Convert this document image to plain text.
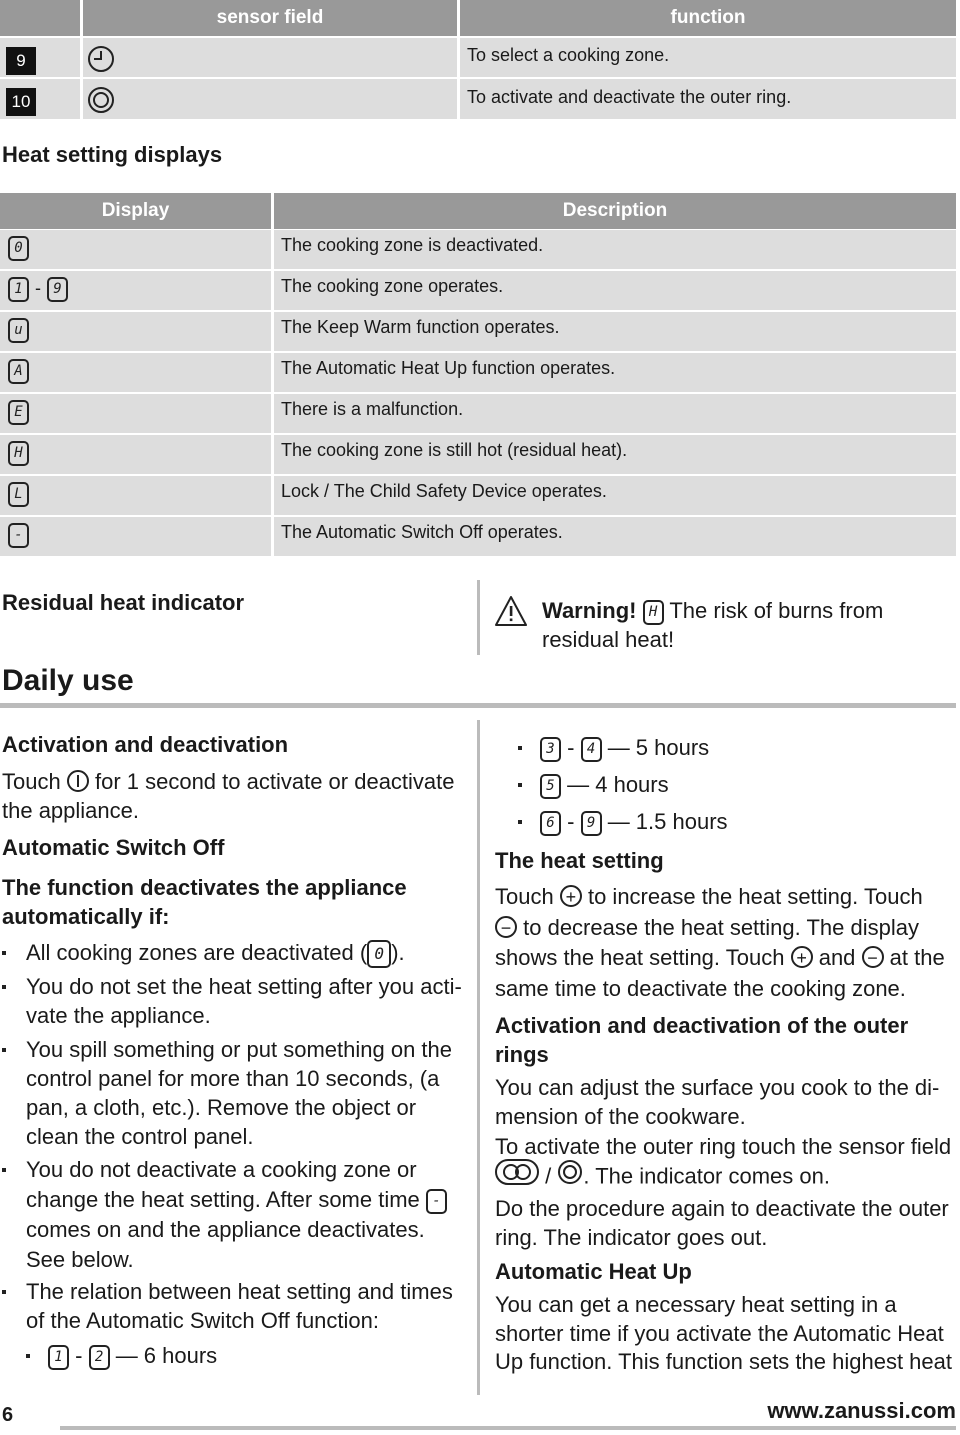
sensor field	function
9	To select a cooking zone.
10	To activate and deactivate the outer ring.
Heat setting displays
Display	Description
0	The cooking zone is deactivated.
1 - 9	The cooking zone operates.
u	The Keep Warm function operates.
A	The Automatic Heat Up function operates.
E	There is a malfunction.
H	The cooking zone is still hot (residual heat).
L	Lock / The Child Safety Device operates.
-	The Automatic Switch Off operates.
Residual heat indicator	Warning! H The risk of burns from
residual heat!
Daily use
Activation and deactivation
Touch for 1 second to activate or deactivate
the appliance.
Automatic Switch Off
The function deactivates the appliance
automatically if:
All cooking zones are deactivated ( 0 ).
You do not set the heat setting after you acti-
vate the appliance.
You spill something or put something on the
control panel for more than 10 seconds, (a
pan, a cloth, etc.). Remove the object or
clean the control panel.
You do not deactivate a cooking zone or
change the heat setting. After some time -
comes on and the appliance deactivates.
See below.
The relation between heat setting and times
of the Automatic Switch Off function:
1 - 2 — 6 hours
3 - 4 — 5 hours
5 — 4 hours
6 - 9 — 1.5 hours
The heat setting
Touch + to increase the heat setting. Touch
− to decrease the heat setting. The display
shows the heat setting. Touch + and − at the
same time to deactivate the cooking zone.
Activation and deactivation of the outer
rings
You can adjust the surface you cook to the di-
mension of the cookware.
To activate the outer ring touch the sensor field
/ . The indicator comes on.
Do the procedure again to deactivate the outer
ring. The indicator goes out.
Automatic Heat Up
You can get a necessary heat setting in a
shorter time if you activate the Automatic Heat
Up function. This function sets the highest heat
6	www.zanussi.com
